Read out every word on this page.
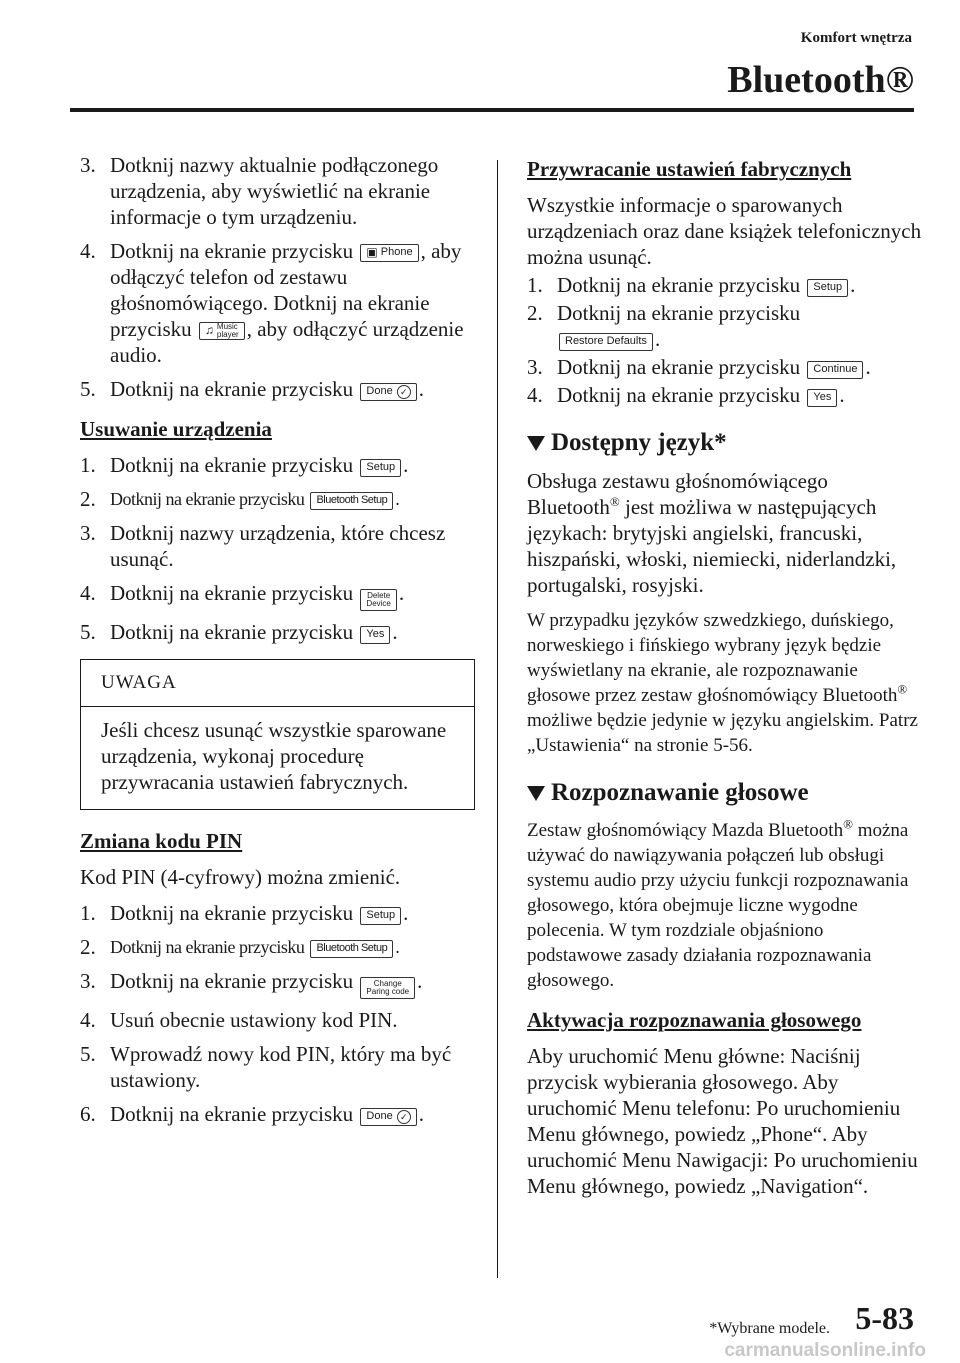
Komfort wnętrza
Bluetooth®
3. Dotknij nazwy aktualnie podłączonego urządzenia, aby wyświetlić na ekranie informacje o tym urządzeniu.
4. Dotknij na ekranie przycisku ▣ Phone , aby odłączyć telefon od zestawu głośnomówiącego. Dotknij na ekranie przycisku ♫ Music
player , aby odłączyć urządzenie audio.
5. Dotknij na ekranie przycisku Done ✓ .
Usuwanie urządzenia
1. Dotknij na ekranie przycisku Setup .
2. Dotknij na ekranie przycisku Bluetooth Setup .
3. Dotknij nazwy urządzenia, które chcesz usunąć.
4. Dotknij na ekranie przycisku Delete
Device .
5. Dotknij na ekranie przycisku Yes .
UWAGA
Jeśli chcesz usunąć wszystkie sparowane urządzenia, wykonaj procedurę przywracania ustawień fabrycznych.
Zmiana kodu PIN

Kod PIN (4-cyfrowy) można zmienić.

1. Dotknij na ekranie przycisku Setup .
2. Dotknij na ekranie przycisku Bluetooth Setup .
3. Dotknij na ekranie przycisku	Change
Paring code .
4. Usuń obecnie ustawiony kod PIN.
5. Wprowadź nowy kod PIN, który ma być ustawiony.
6. Dotknij na ekranie przycisku Done ✓ .
Przywracanie ustawień fabrycznych

Wszystkie informacje o sparowanych urządzeniach oraz dane książek telefonicznych można usunąć.

1. Dotknij na ekranie przycisku Setup .
2. Dotknij na ekranie przycisku

Restore Defaults .
3. Dotknij na ekranie przycisku Continue .
4. Dotknij na ekranie przycisku Yes .
Dostępny język*

Obsługa zestawu głośnomówiącego Bluetooth® jest możliwa w następujących językach: brytyjski angielski, francuski, hiszpański, włoski, niemiecki, niderlandzki, portugalski, rosyjski.

W przypadku języków szwedzkiego, duńskiego, norweskiego i fińskiego wybrany język będzie wyświetlany na ekranie, ale rozpoznawanie głosowe przez zestaw głośnomówiący Bluetooth® możliwe będzie jedynie w języku angielskim. Patrz „Ustawienia“ na stronie 5-56.

Rozpoznawanie głosowe

Zestaw głośnomówiący Mazda Bluetooth® można używać do nawiązywania połączeń lub obsługi systemu audio przy użyciu funkcji rozpoznawania głosowego, która obejmuje liczne wygodne polecenia. W tym rozdziale objaśniono podstawowe zasady działania rozpoznawania głosowego.

Aktywacja rozpoznawania głosowego

Aby uruchomić Menu główne: Naciśnij przycisk wybierania głosowego. Aby uruchomić Menu telefonu: Po uruchomieniu Menu głównego, powiedz „Phone“. Aby uruchomić Menu Nawigacji: Po uruchomieniu Menu głównego, powiedz „Navigation“.

*Wybrane modele. 5-83
carmanualsonline.info
